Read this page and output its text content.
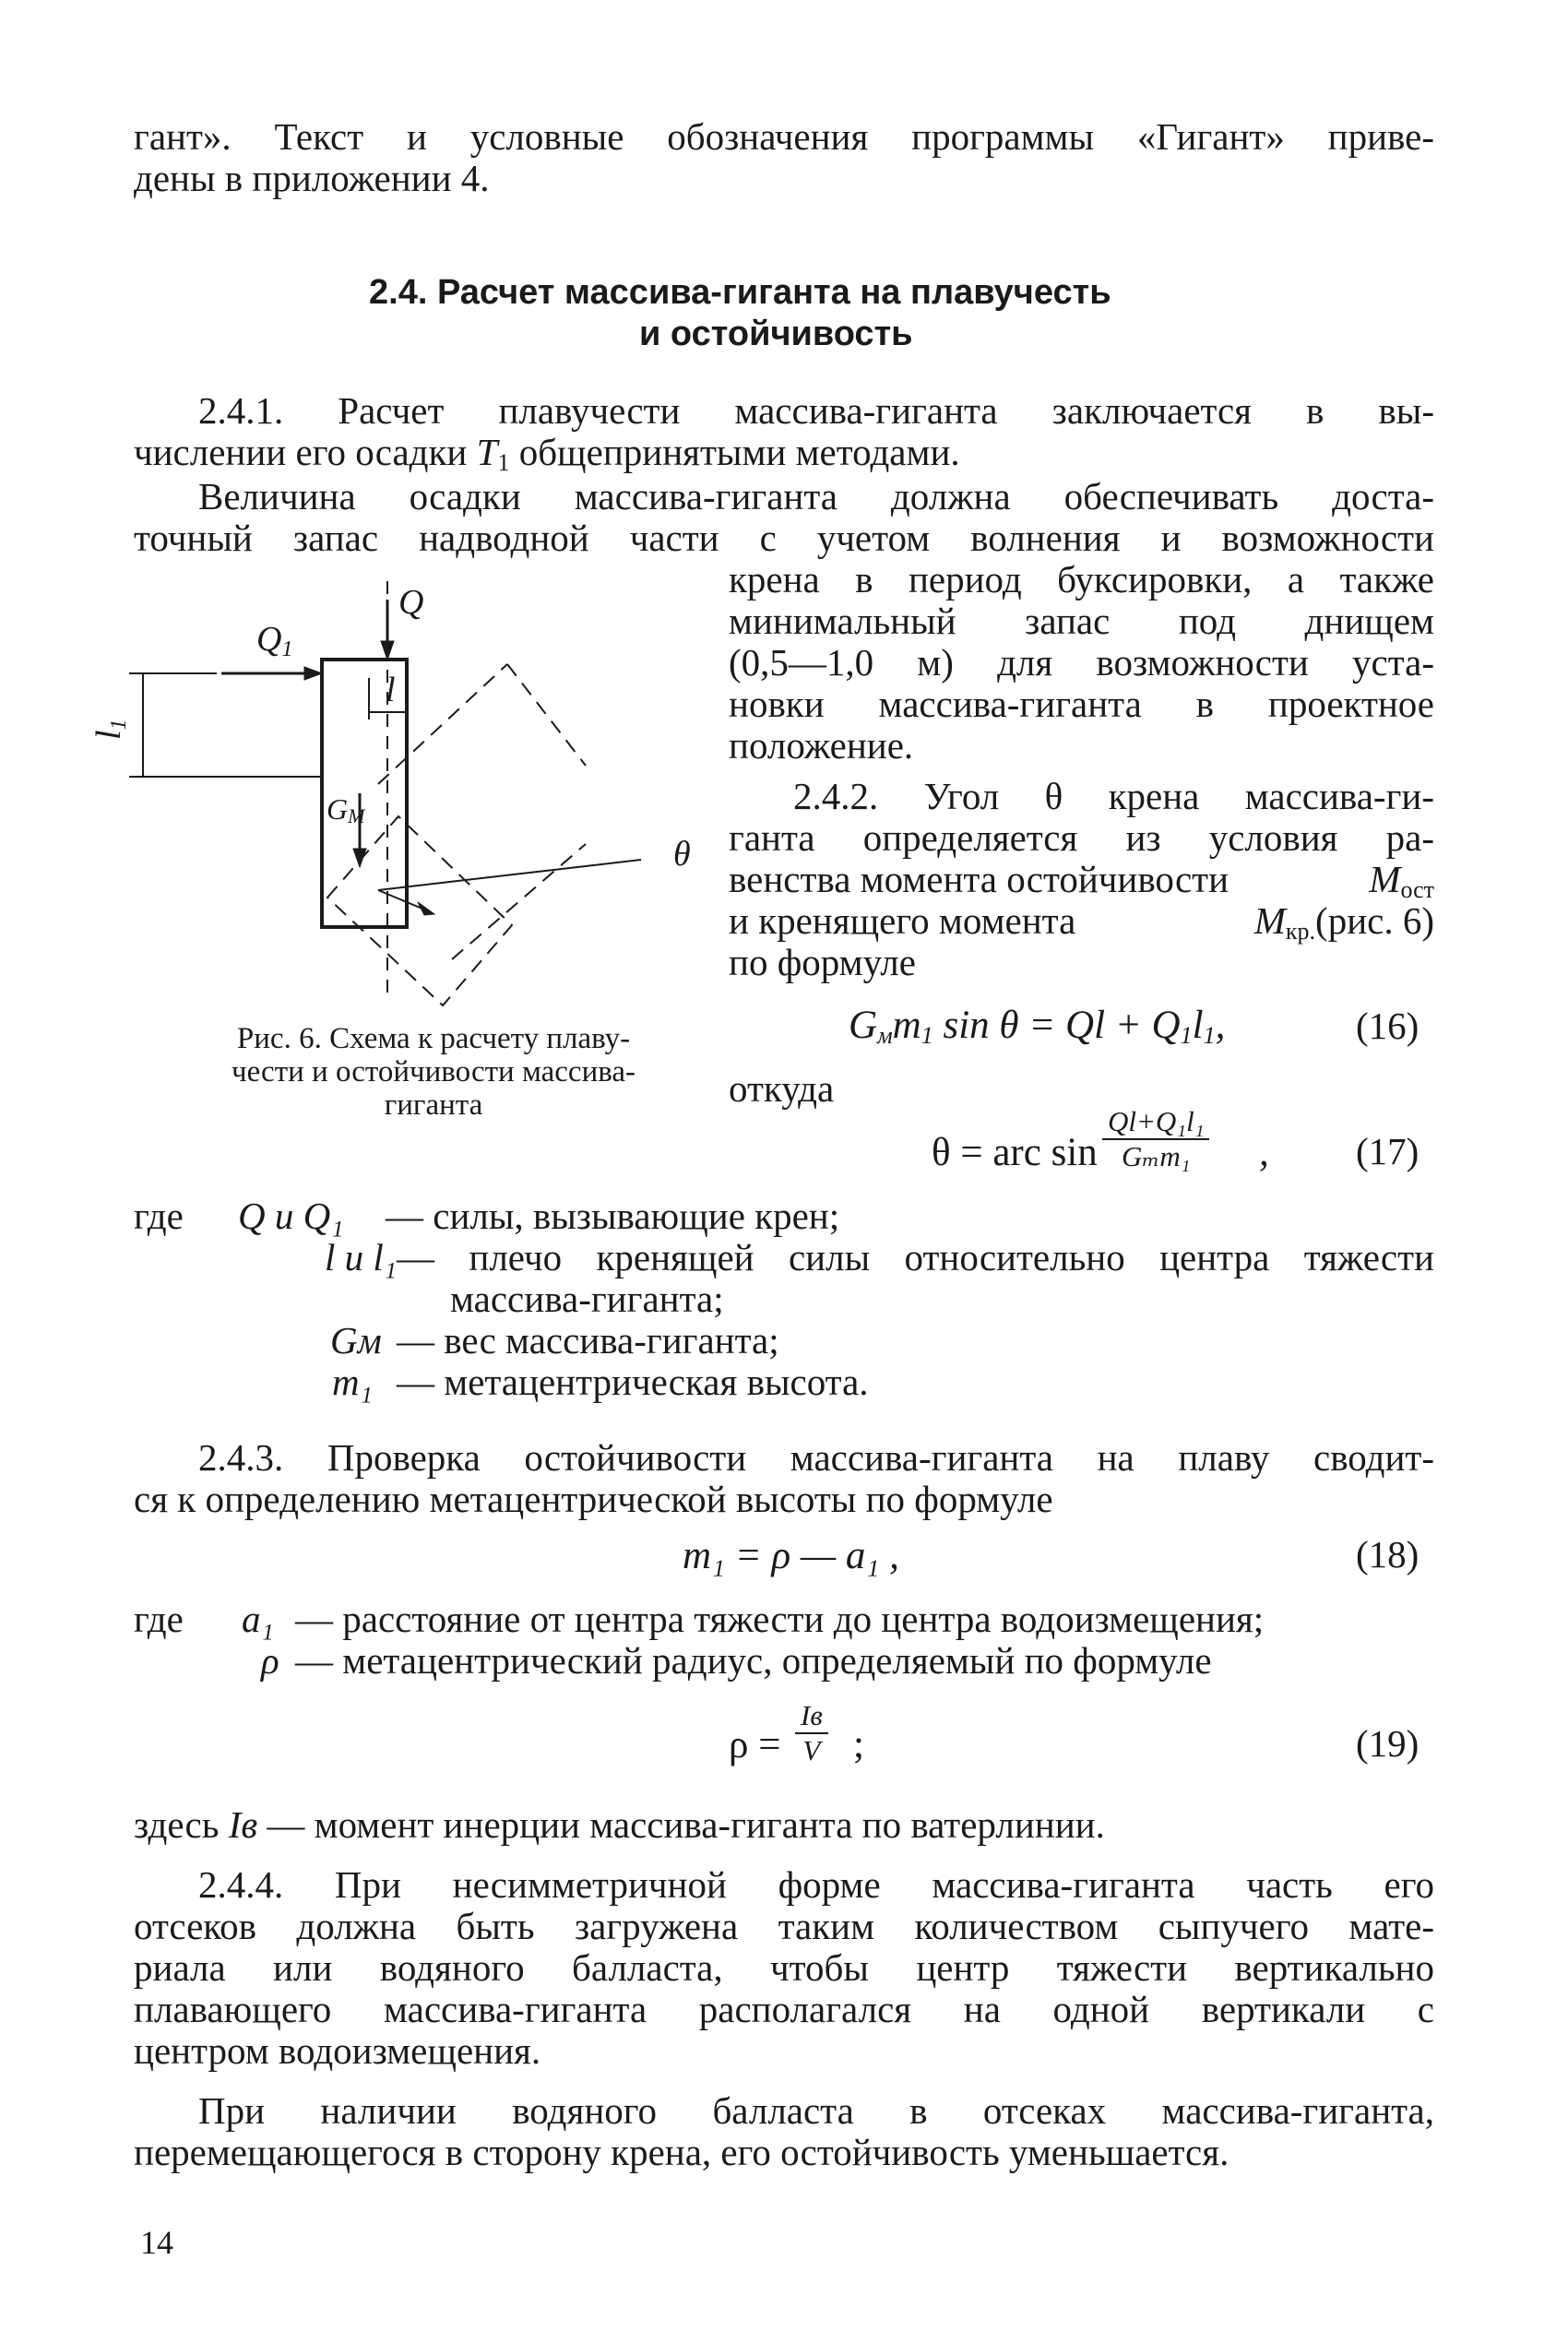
гант». Текст и условные обозначения программы «Гигант» приве-
дены в приложении 4.
2.4. Расчет массива-гиганта на плавучесть
и остойчивость
2.4.1. Расчет плавучести массива-гиганта заключается в вы-
числении его осадки $T_1$ общепринятыми методами.
Величина осадки массива-гиганта должна обеспечивать доста-
точный запас надводной части с учетом волнения и возможности
крена в период буксировки, а также
минимальный запас под днищем
(0,5—1,0 м) для возможности уста-
новки массива-гиганта в проектное
положение.
2.4.2. Угол θ крена массива-ги-
ганта определяется из условия ра-
венства момента остойчивости	$M_{ост}$
и кренящего момента	$M_{кр.}(рис$. 6)
по формуле
Q1
Q
l
l1
GM
θ
Рис. 6. Схема к расчету плаву-
чести и остойчивости массива-
гиганта
$G_мm_1$ $\sin \theta = Ql + Q_1l_1$,	(16)
откуда
θ = arc sin
Ql+Q₁l₁
Gₘm₁	, (17)
где Q и Q₁ — силы, вызывающие крен;
l и l₁ — плечо кренящей силы относительно центра тяжести
массива-гиганта;
Gм — вес массива-гиганта;
m₁ — метацентрическая высота.
2.4.3. Проверка остойчивости массива-гиганта на плаву сводит-
ся к определению метацентрической высоты по формуле
m₁ = ρ — a₁ ,	(18)
где a₁ — расстояние от центра тяжести до центра водоизмещения;
ρ — метацентрический радиус, определяемый по формуле
ρ =
Iв
V ;	(19)
здесь Iв — момент инерции массива-гиганта по ватерлинии.
2.4.4. При несимметричной форме массива-гиганта часть его
отсеков должна быть загружена таким количеством сыпучего мате-
риала или водяного балласта, чтобы центр тяжести вертикально
плавающего массива-гиганта располагался на одной вертикали с
центром водоизмещения.
При наличии водяного балласта в отсеках массива-гиганта,
перемещающегося в сторону крена, его остойчивость уменьшается.
14
